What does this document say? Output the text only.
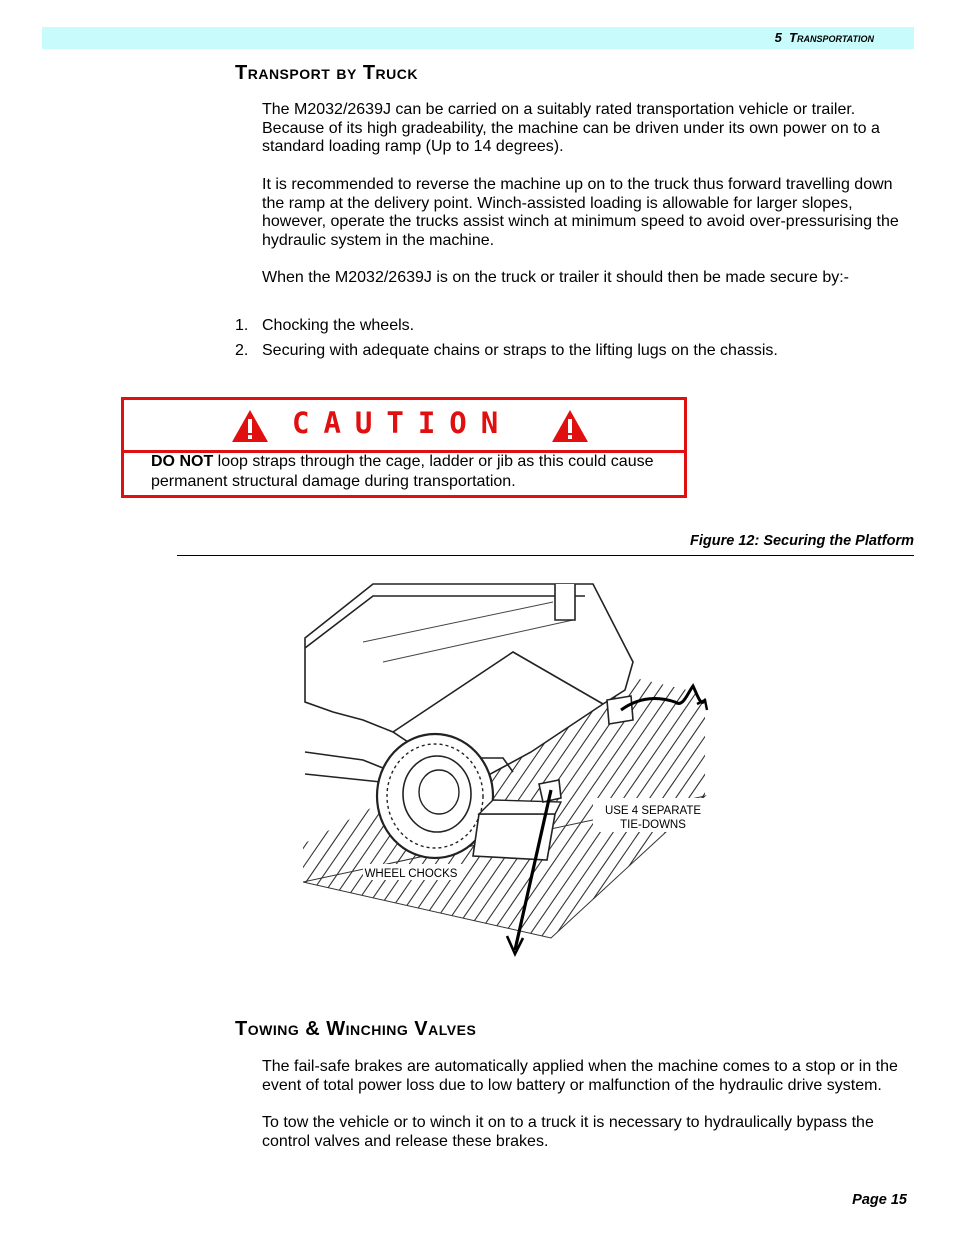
5 Transportation
Transport by Truck

The M2032/2639J can be carried on a suitably rated transportation vehicle or trailer. Because of its high gradeability, the machine can be driven under its own power on to a standard loading ramp (Up to 14 degrees).

It is recommended to reverse the machine up on to the truck thus forward travelling down the ramp at the delivery point. Winch-assisted loading is allowable for larger slopes, however, operate the trucks assist winch at minimum speed to avoid over-pressurising the hydraulic system in the machine.

When the M2032/2639J is on the truck or trailer it should then be made secure by:-

1. Chocking the wheels.
2. Securing with adequate chains or straps to the lifting lugs on the chassis.
CAUTION
DO NOT loop straps through the cage, ladder or jib as this could cause permanent structural damage during transportation.
Figure 12: Securing the Platform
USE 4 SEPARATE
TIE-DOWNS
WHEEL CHOCKS
Towing & Winching Valves

The fail-safe brakes are automatically applied when the machine comes to a stop or in the event of total power loss due to low battery or malfunction of the hydraulic drive system.

To tow the vehicle or to winch it on to a truck it is necessary to hydraulically bypass the control valves and release these brakes.

Page 15
